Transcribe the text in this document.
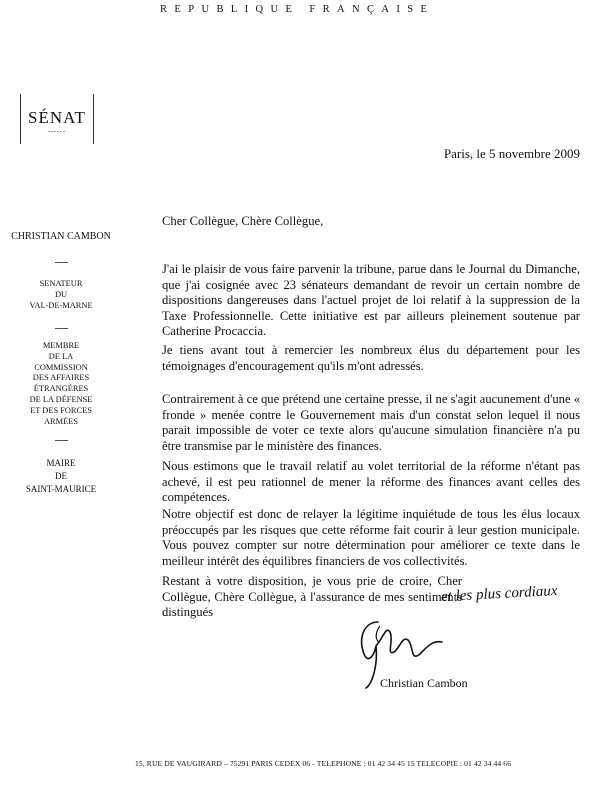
REPUBLIQUE FRANÇAISE
SÉNAT
Paris, le 5 novembre 2009
CHRISTIAN CAMBON
SENATEUR
DU
VAL-DE-MARNE
MEMBRE
DE LA
COMMISSION
DES AFFAIRES
ÉTRANGÈRES
DE LA DÉFENSE
ET DES FORCES
ARMÉES
MAIRE
DE
SAINT-MAURICE
Cher Collègue, Chère Collègue,

J'ai le plaisir de vous faire parvenir la tribune, parue dans le Journal du Dimanche, que j'ai cosignée avec 23 sénateurs demandant de revoir un certain nombre de dispositions dangereuses dans l'actuel projet de loi relatif à la suppression de la Taxe Professionnelle. Cette initiative est par ailleurs pleinement soutenue par Catherine Procaccia.

Je tiens avant tout à remercier les nombreux élus du département pour les témoignages d'encouragement qu'ils m'ont adressés.

Contrairement à ce que prétend une certaine presse, il ne s'agit aucunement d'une « fronde » menée contre le Gouvernement mais d'un constat selon lequel il nous parait impossible de voter ce texte alors qu'aucune simulation financière n'a pu être transmise par le ministère des finances.

Nous estimons que le travail relatif au volet territorial de la réforme n'étant pas achevé, il est peu rationnel de mener la réforme des finances avant celles des compétences.

Notre objectif est donc de relayer la légitime inquiétude de tous les élus locaux préoccupés par les risques que cette réforme fait courir à leur gestion municipale. Vous pouvez compter sur notre détermination pour améliorer ce texte dans le meilleur intérêt des équilibres financiers de vos collectivités.

Restant à votre disposition, je vous prie de croire, Cher Collègue, Chère Collègue, à l'assurance de mes sentiments distingués

et les plus cordiaux
Christian Cambon
15, RUE DE VAUGIRARD – 75291 PARIS CEDEX 06 - TELEPHONE : 01 42 34 45 15 TELECOPIE : 01 42 34 44 66
